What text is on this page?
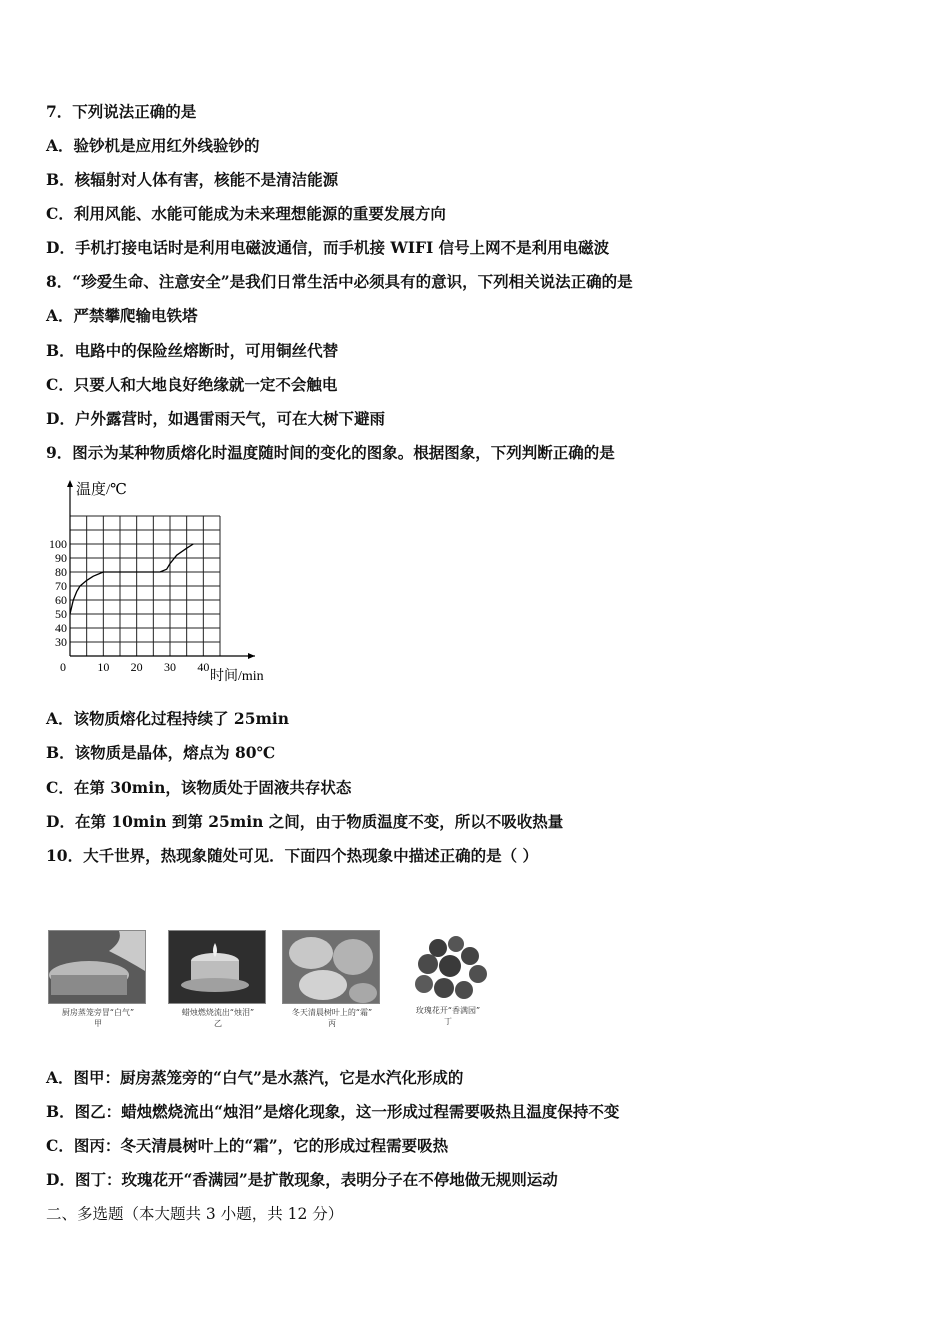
7．下列说法正确的是
A．验钞机是应用红外线验钞的
B．核辐射对人体有害，核能不是清洁能源
C．利用风能、水能可能成为未来理想能源的重要发展方向
D．手机打接电话时是利用电磁波通信，而手机接 WIFI 信号上网不是利用电磁波
8．“珍爱生命、注意安全”是我们日常生活中必须具有的意识，下列相关说法正确的是
A．严禁攀爬输电铁塔
B．电路中的保险丝熔断时，可用铜丝代替
C．只要人和大地良好绝缘就一定不会触电
D．户外露营时，如遇雷雨天气，可在大树下避雨
9．图示为某种物质熔化时温度随时间的变化的图象。根据图象，下列判断正确的是
10 20 30 40
30
40
50
60
70
80
90
100
温度/℃
时间/min
0
A．该物质熔化过程持续了 25min
B．该物质是晶体，熔点为 80℃
C．在第 30min，该物质处于固液共存状态
D．在第 10min 到第 25min 之间，由于物质温度不变，所以不吸收热量
10．大千世界，热现象随处可见．下面四个热现象中描述正确的是（ ）
厨房蒸笼旁冒“白气”
甲
蜡烛燃烧流出“烛泪”
乙
冬天清晨树叶上的“霜”
丙
玫瑰花开“香满园”
丁
A．图甲：厨房蒸笼旁的“白气”是水蒸汽，它是水汽化形成的
B．图乙：蜡烛燃烧流出“烛泪”是熔化现象，这一形成过程需要吸热且温度保持不变
C．图丙：冬天清晨树叶上的“霜”，它的形成过程需要吸热
D．图丁：玫瑰花开“香满园”是扩散现象，表明分子在不停地做无规则运动
二、多选题（本大题共 3 小题，共 12 分）
